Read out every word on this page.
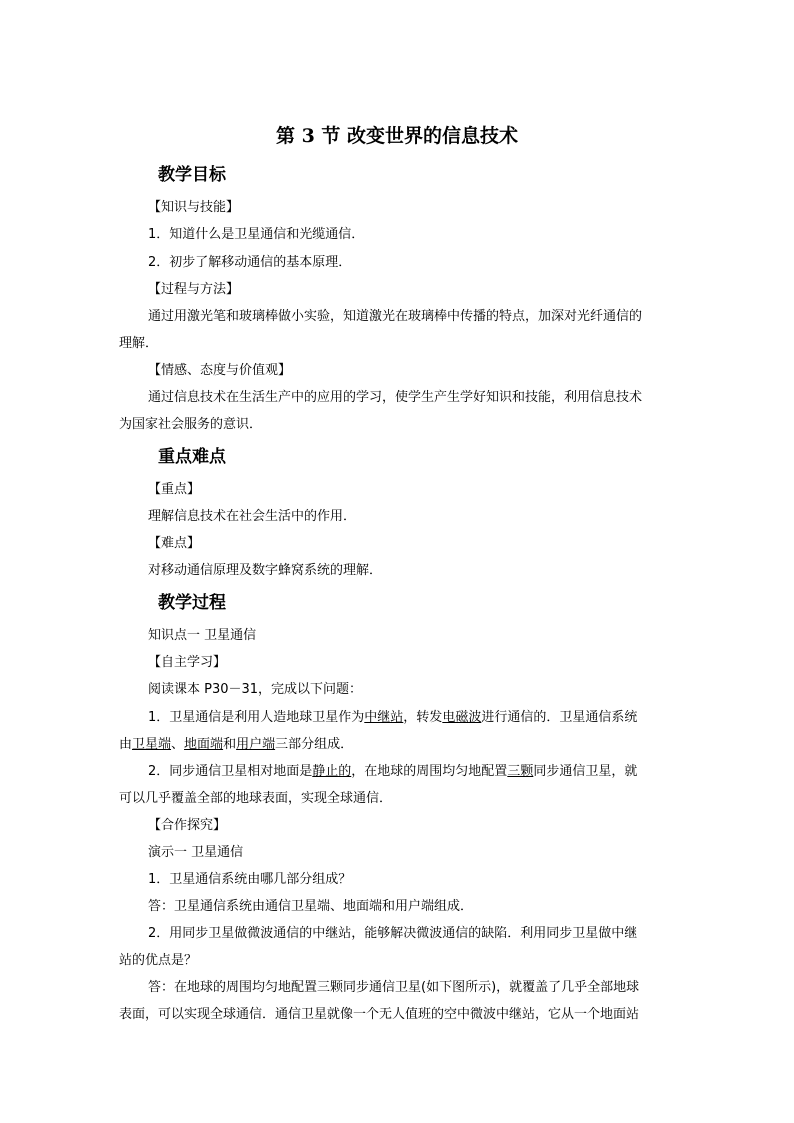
第 3 节 改变世界的信息技术
教学目标
【知识与技能】
1．知道什么是卫星通信和光缆通信．
2．初步了解移动通信的基本原理．
【过程与方法】
通过用激光笔和玻璃棒做小实验，知道激光在玻璃棒中传播的特点，加深对光纤通信的
理解．
【情感、态度与价值观】
通过信息技术在生活生产中的应用的学习，使学生产生学好知识和技能，利用信息技术
为国家社会服务的意识．
重点难点
【重点】
理解信息技术在社会生活中的作用．
【难点】
对移动通信原理及数字蜂窝系统的理解．
教学过程
知识点一 卫星通信
【自主学习】
阅读课本 P30－31，完成以下问题：
1．卫星通信是利用人造地球卫星作为中继站，转发电磁波进行通信的．卫星通信系统
由卫星端、地面端和用户端三部分组成．
2．同步通信卫星相对地面是静止的，在地球的周围均匀地配置三颗同步通信卫星，就
可以几乎覆盖全部的地球表面，实现全球通信．
【合作探究】
演示一 卫星通信
1．卫星通信系统由哪几部分组成？
答：卫星通信系统由通信卫星端、地面端和用户端组成．
2．用同步卫星做微波通信的中继站，能够解决微波通信的缺陷．利用同步卫星做中继
站的优点是？
答：在地球的周围均匀地配置三颗同步通信卫星(如下图所示)，就覆盖了几乎全部地球
表面，可以实现全球通信．通信卫星就像一个无人值班的空中微波中继站，它从一个地面站
